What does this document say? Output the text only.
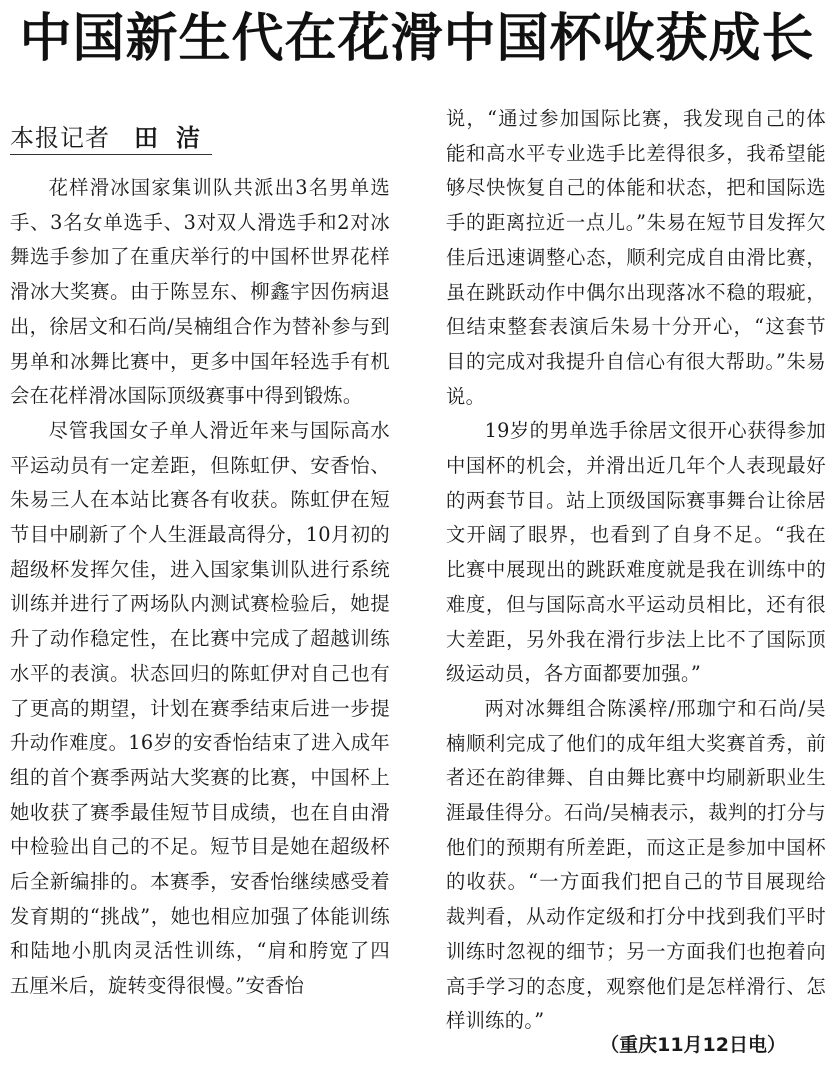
中国新生代在花滑中国杯收获成长
本报记者 田洁

花样滑冰国家集训队共派出3名男单选手、3名女单选手、3对双人滑选手和2对冰舞选手参加了在重庆举行的中国杯世界花样滑冰大奖赛。由于陈昱东、柳鑫宇因伤病退出，徐居文和石尚/吴楠组合作为替补参与到男单和冰舞比赛中，更多中国年轻选手有机会在花样滑冰国际顶级赛事中得到锻炼。

尽管我国女子单人滑近年来与国际高水平运动员有一定差距，但陈虹伊、安香怡、朱易三人在本站比赛各有收获。陈虹伊在短节目中刷新了个人生涯最高得分，10月初的超级杯发挥欠佳，进入国家集训队进行系统训练并进行了两场队内测试赛检验后，她提升了动作稳定性，在比赛中完成了超越训练水平的表演。状态回归的陈虹伊对自己也有了更高的期望，计划在赛季结束后进一步提升动作难度。16岁的安香怡结束了进入成年组的首个赛季两站大奖赛的比赛，中国杯上她收获了赛季最佳短节目成绩，也在自由滑中检验出自己的不足。短节目是她在超级杯后全新编排的。本赛季，安香怡继续感受着发育期的“挑战”，她也相应加强了体能训练和陆地小肌肉灵活性训练，“肩和胯宽了四五厘米后，旋转变得很慢。”安香怡

说，“通过参加国际比赛，我发现自己的体能和高水平专业选手比差得很多，我希望能够尽快恢复自己的体能和状态，把和国际选手的距离拉近一点儿。”朱易在短节目发挥欠佳后迅速调整心态，顺利完成自由滑比赛，虽在跳跃动作中偶尔出现落冰不稳的瑕疵，但结束整套表演后朱易十分开心，“这套节目的完成对我提升自信心有很大帮助。”朱易说。

19岁的男单选手徐居文很开心获得参加中国杯的机会，并滑出近几年个人表现最好的两套节目。站上顶级国际赛事舞台让徐居文开阔了眼界，也看到了自身不足。“我在比赛中展现出的跳跃难度就是我在训练中的难度，但与国际高水平运动员相比，还有很大差距，另外我在滑行步法上比不了国际顶级运动员，各方面都要加强。”

两对冰舞组合陈溪梓/邢珈宁和石尚/吴楠顺利完成了他们的成年组大奖赛首秀，前者还在韵律舞、自由舞比赛中均刷新职业生涯最佳得分。石尚/吴楠表示，裁判的打分与他们的预期有所差距，而这正是参加中国杯的收获。“一方面我们把自己的节目展现给裁判看，从动作定级和打分中找到我们平时训练时忽视的细节；另一方面我们也抱着向高手学习的态度，观察他们是怎样滑行、怎样训练的。”

（重庆11月12日电）
